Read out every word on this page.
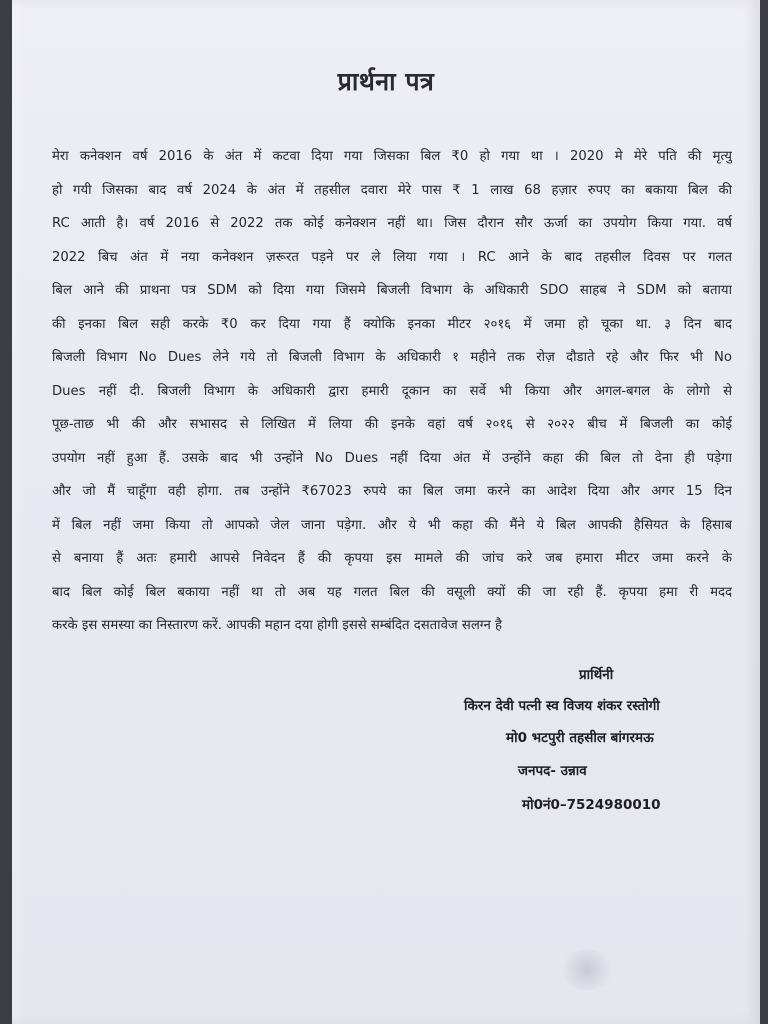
प्रार्थना पत्र
मेरा कनेक्शन वर्ष 2016 के अंत में कटवा दिया गया जिसका बिल ₹0 हो गया था । 2020 मे मेरे पति की मृत्यु
हो गयी जिसका बाद वर्ष 2024 के अंत में तहसील दवारा मेरे पास ₹ 1 लाख 68 हज़ार रुपए का बकाया बिल की
RC आती है। वर्ष 2016 से 2022 तक कोई कनेक्शन नहीं था। जिस दौरान सौर ऊर्जा का उपयोग किया गया. वर्ष
2022 बिच अंत में नया कनेक्शन ज़रूरत पड़ने पर ले लिया गया । RC आने के बाद तहसील दिवस पर गलत
बिल आने की प्राथना पत्र SDM को दिया गया जिसमे बिजली विभाग के अधिकारी SDO साहब ने SDM को बताया
की इनका बिल सही करके ₹0 कर दिया गया हैं क्योकि इनका मीटर २०१६ में जमा हो चूका था. ३ दिन बाद
बिजली विभाग No Dues लेने गये तो बिजली विभाग के अधिकारी १ महीने तक रोज़ दौडाते रहे और फिर भी No
Dues नहीं दी. बिजली विभाग के अधिकारी द्वारा हमारी दूकान का सर्वे भी किया और अगल-बगल के लोगो से
पूछ-ताछ भी की और सभासद से लिखित में लिया की इनके वहां वर्ष २०१६ से २०२२ बीच में बिजली का कोई
उपयोग नहीं हुआ हैं. उसके बाद भी उन्होंने No Dues नहीं दिया अंत में उन्होंने कहा की बिल तो देना ही पड़ेगा
और जो मैं चाहूँगा वही होगा. तब उन्होंने ₹67023 रुपये का बिल जमा करने का आदेश दिया और अगर 15 दिन
में बिल नहीं जमा किया तो आपको जेल जाना पड़ेगा. और ये भी कहा की मैंने ये बिल आपकी हैसियत के हिसाब
से बनाया हैं अतः हमारी आपसे निवेदन हैं की कृपया इस मामले की जांच करे जब हमारा मीटर जमा करने के
बाद बिल कोई बिल बकाया नहीं था तो अब यह गलत बिल की वसूली क्यों की जा रही हैं. कृपया हमा री मदद
करके इस समस्या का निस्तारण करें. आपकी महान दया होगी इससे सम्बंदित दसतावेज सलग्न है
प्रार्थिनी
किरन देवी पत्नी स्व विजय शंकर रस्तोगी
मो0 भटपुरी तहसील बांगरमऊ
जनपद- उन्नाव
मो0नं0–7524980010
